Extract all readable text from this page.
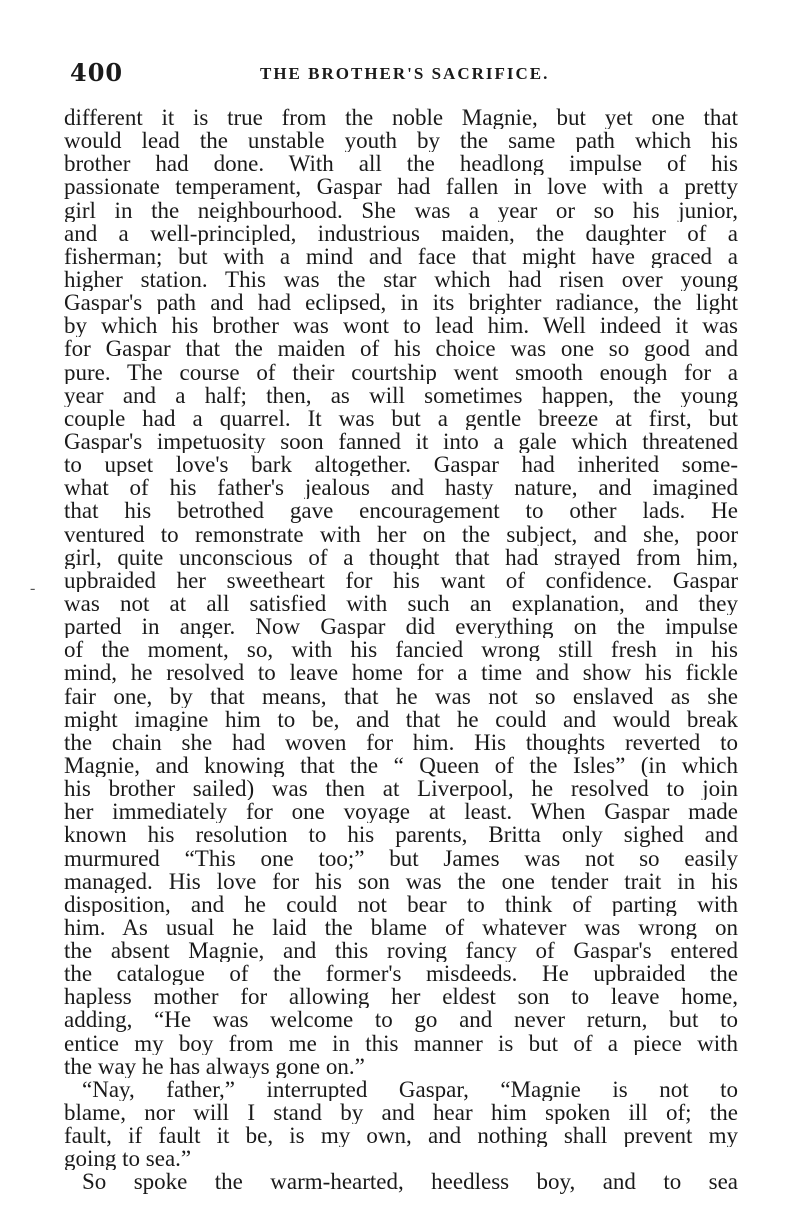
400	THE BROTHER'S SACRIFICE.
-
different it is true from the noble Magnie, but yet one that
would lead the unstable youth by the same path which his
brother had done. With all the headlong impulse of his
passionate temperament, Gaspar had fallen in love with a pretty
girl in the neighbourhood. She was a year or so his junior,
and a well-principled, industrious maiden, the daughter of a
fisherman; but with a mind and face that might have graced a
higher station. This was the star which had risen over young
Gaspar's path and had eclipsed, in its brighter radiance, the light
by which his brother was wont to lead him. Well indeed it was
for Gaspar that the maiden of his choice was one so good and
pure. The course of their courtship went smooth enough for a
year and a half; then, as will sometimes happen, the young
couple had a quarrel. It was but a gentle breeze at first, but
Gaspar's impetuosity soon fanned it into a gale which threatened
to upset love's bark altogether. Gaspar had inherited some-
what of his father's jealous and hasty nature, and imagined
that his betrothed gave encouragement to other lads. He
ventured to remonstrate with her on the subject, and she, poor
girl, quite unconscious of a thought that had strayed from him,
upbraided her sweetheart for his want of confidence. Gaspar
was not at all satisfied with such an explanation, and they
parted in anger. Now Gaspar did everything on the impulse
of the moment, so, with his fancied wrong still fresh in his
mind, he resolved to leave home for a time and show his fickle
fair one, by that means, that he was not so enslaved as she
might imagine him to be, and that he could and would break
the chain she had woven for him. His thoughts reverted to
Magnie, and knowing that the “ Queen of the Isles” (in which
his brother sailed) was then at Liverpool, he resolved to join
her immediately for one voyage at least. When Gaspar made
known his resolution to his parents, Britta only sighed and
murmured “This one too;” but James was not so easily
managed. His love for his son was the one tender trait in his
disposition, and he could not bear to think of parting with
him. As usual he laid the blame of whatever was wrong on
the absent Magnie, and this roving fancy of Gaspar's entered
the catalogue of the former's misdeeds. He upbraided the
hapless mother for allowing her eldest son to leave home,
adding, “He was welcome to go and never return, but to
entice my boy from me in this manner is but of a piece with
the way he has always gone on.”
“Nay, father,” interrupted Gaspar, “Magnie is not to
blame, nor will I stand by and hear him spoken ill of; the
fault, if fault it be, is my own, and nothing shall prevent my
going to sea.”
So spoke the warm-hearted, heedless boy, and to sea
